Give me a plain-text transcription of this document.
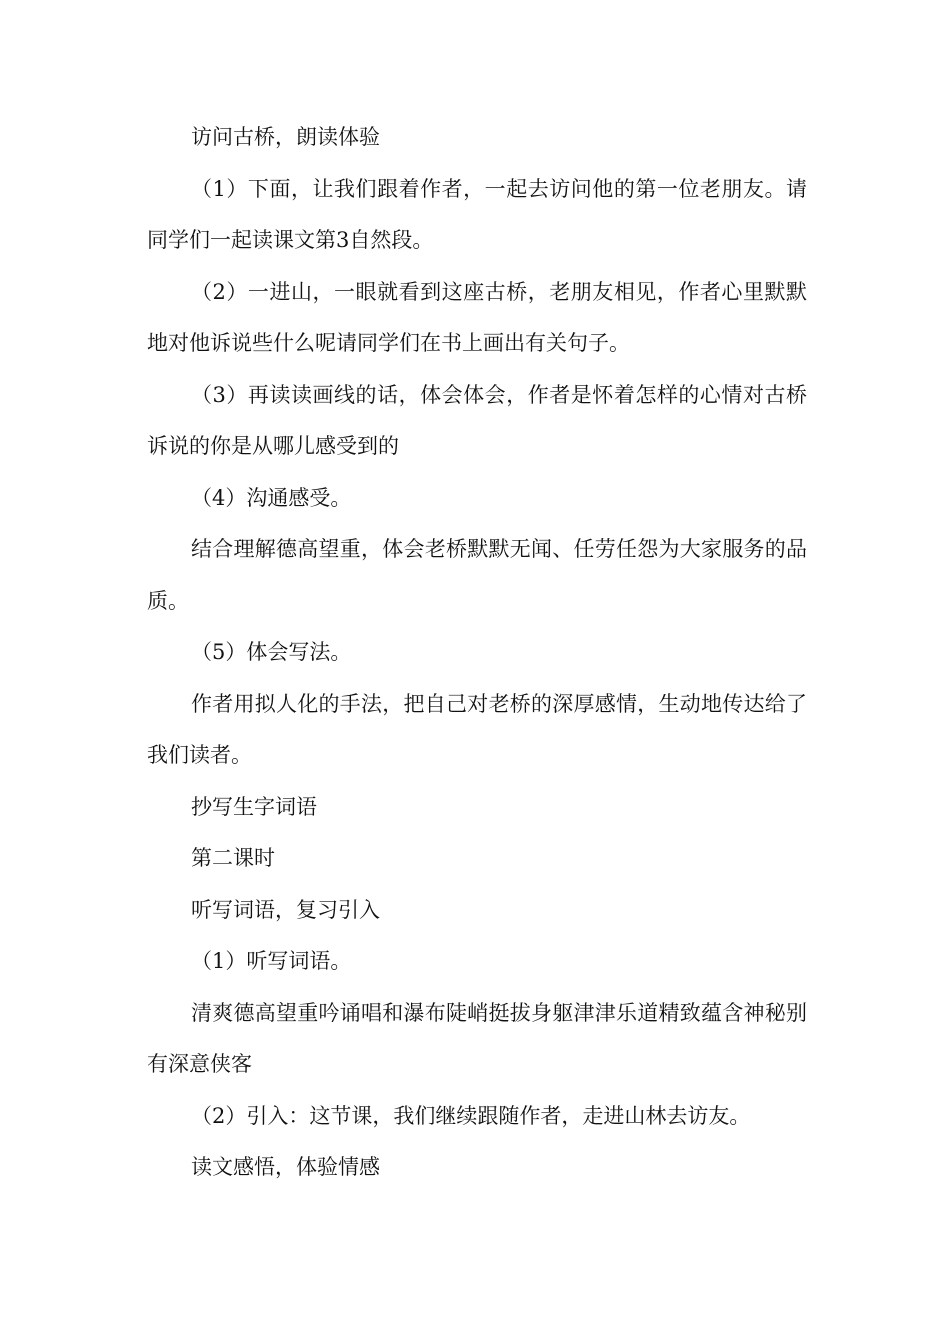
访问古桥，朗读体验

（1）下面，让我们跟着作者，一起去访问他的第一位老朋友。请同学们一起读课文第3自然段。

（2）一进山，一眼就看到这座古桥，老朋友相见，作者心里默默地对他诉说些什么呢请同学们在书上画出有关句子。

（3）再读读画线的话，体会体会，作者是怀着怎样的心情对古桥诉说的你是从哪儿感受到的

（4）沟通感受。

结合理解德高望重，体会老桥默默无闻、任劳任怨为大家服务的品质。

（5）体会写法。

作者用拟人化的手法，把自己对老桥的深厚感情，生动地传达给了我们读者。

抄写生字词语

第二课时

听写词语，复习引入

（1）听写词语。

清爽德高望重吟诵唱和瀑布陡峭挺拔身躯津津乐道精致蕴含神秘别有深意侠客

（2）引入：这节课，我们继续跟随作者，走进山林去访友。

读文感悟，体验情感
